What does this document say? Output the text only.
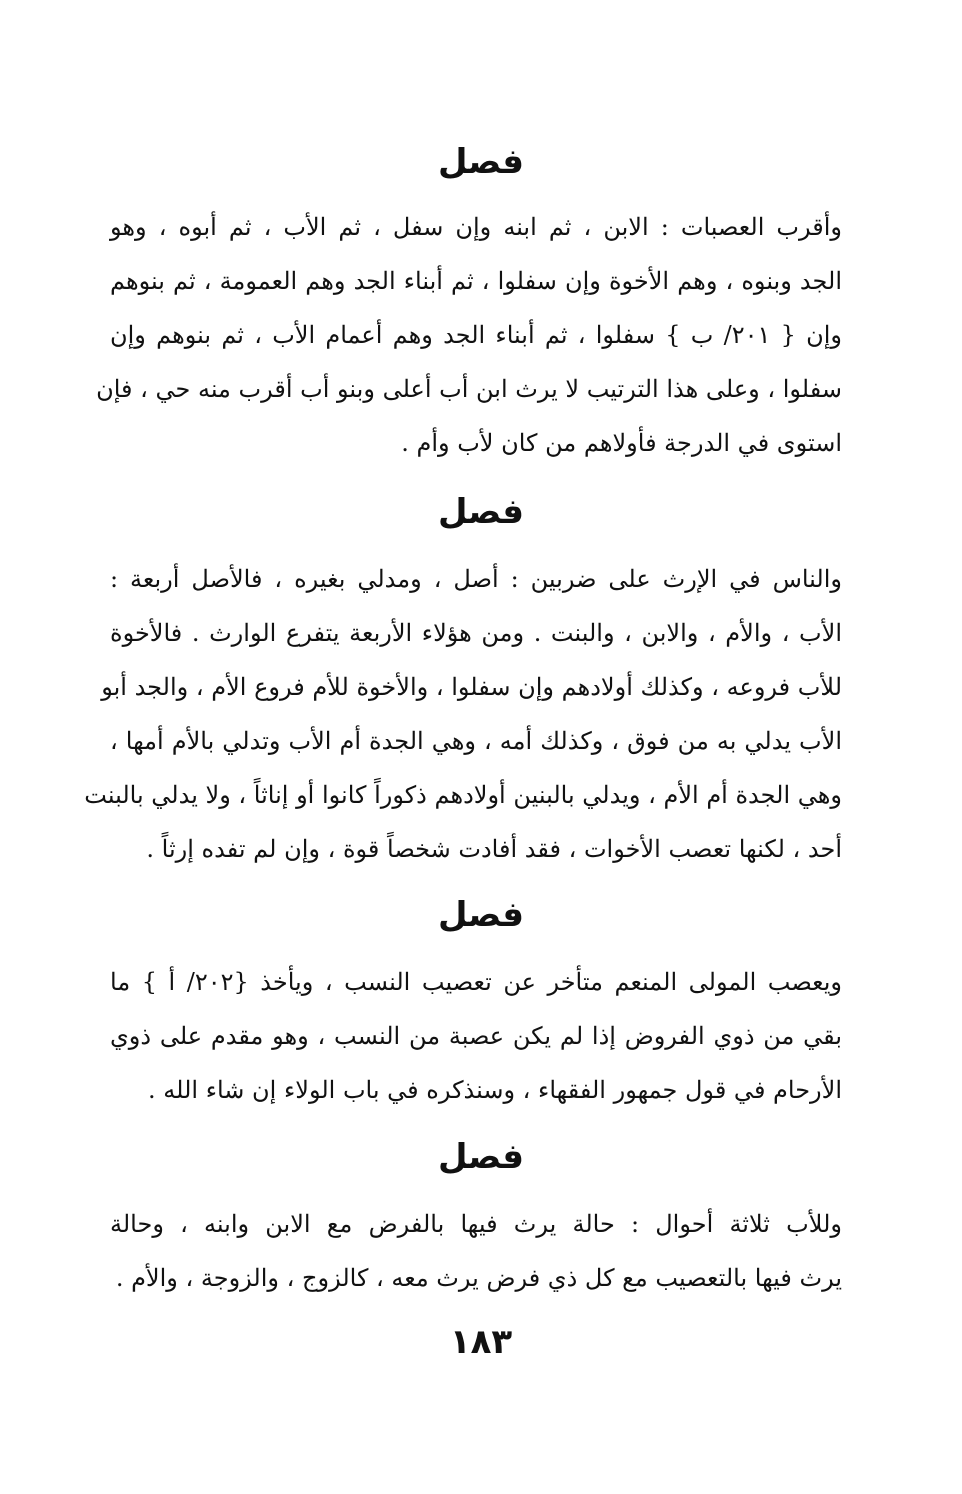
فصل
وأقرب العصبات : الابن ، ثم ابنه وإن سفل ، ثم الأب ، ثم أبوه ، وهو
الجد وبنوه ، وهم الأخوة وإن سفلوا ، ثم أبناء الجد وهم العمومة ، ثم بنوهم
وإن { ٢٠١/ ب } سفلوا ، ثم أبناء الجد وهم أعمام الأب ، ثم بنوهم وإن
سفلوا ، وعلى هذا الترتيب لا يرث ابن أب أعلى وبنو أب أقرب منه حي ، فإن
استوى في الدرجة فأولاهم من كان لأب وأم .
فصل
والناس في الإرث على ضربين : أصل ، ومدلي بغيره ، فالأصل أربعة :
الأب ، والأم ، والابن ، والبنت . ومن هؤلاء الأربعة يتفرع الوارث . فالأخوة
للأب فروعه ، وكذلك أولادهم وإن سفلوا ، والأخوة للأم فروع الأم ، والجد أبو
الأب يدلي به من فوق ، وكذلك أمه ، وهي الجدة أم الأب وتدلي بالأم أمها ،
وهي الجدة أم الأم ، ويدلي بالبنين أولادهم ذكوراً كانوا أو إناثاً ، ولا يدلي بالبنت
أحد ، لكنها تعصب الأخوات ، فقد أفادت شخصاً قوة ، وإن لم تفده إرثاً .
فصل
ويعصب المولى المنعم متأخر عن تعصيب النسب ، ويأخذ {٢٠٢/ أ } ما
بقي من ذوي الفروض إذا لم يكن عصبة من النسب ، وهو مقدم على ذوي
الأرحام في قول جمهور الفقهاء ، وسنذكره في باب الولاء إن شاء الله .
فصل
وللأب ثلاثة أحوال : حالة يرث فيها بالفرض مع الابن وابنه ، وحالة
يرث فيها بالتعصيب مع كل ذي فرض يرث معه ، كالزوج ، والزوجة ، والأم .
١٨٣
